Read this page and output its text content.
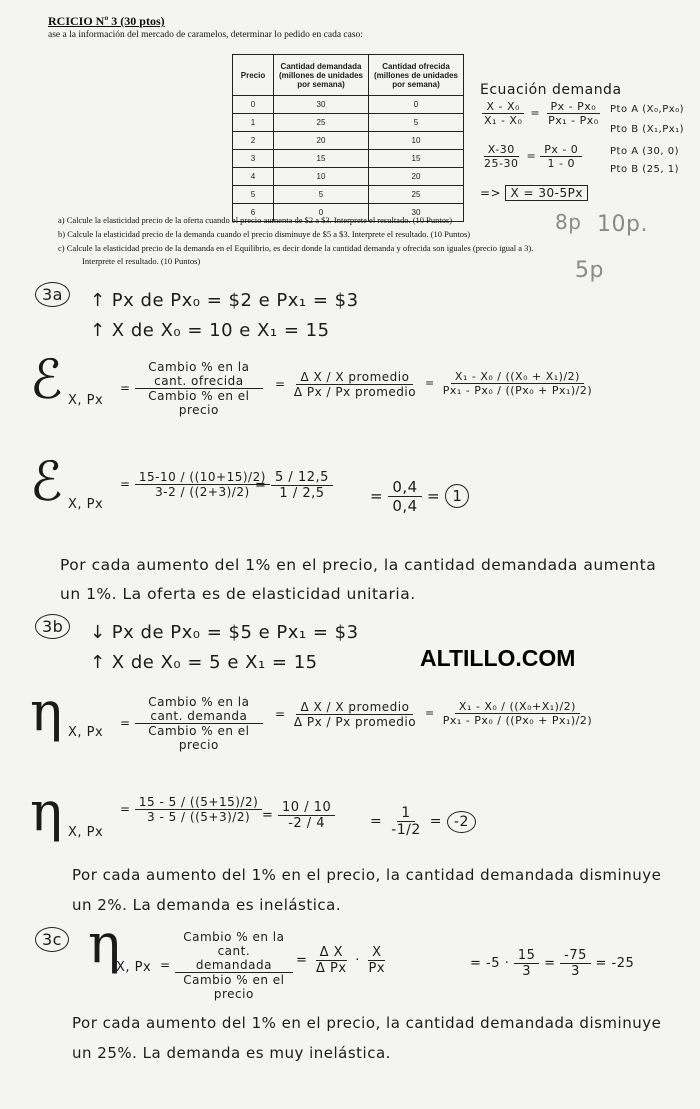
RCICIO Nº 3 (30 ptos)
ase a la información del mercado de caramelos, determinar lo pedido en cada caso:
Precio	Cantidad demandada (millones de unidades por semana)	Cantidad ofrecida (millones de unidades por semana)
0	30	0
1	25	5
2	20	10
3	15	15
4	10	20
5	5	25
6	0	30
Ecuación demanda
$\frac{\text{X - X₀}}{\text{X₁ - X₀}} = \frac{\text{Px - Px₀}}{\text{Px₁ - Px₀}}$ Pto A (X₀,Px₀)
Pto B (X₁,Px₁)
$\frac{X-30}{25-30} = \frac{Px - 0}{1 - 0}$	Pto A (30, 0)
Pto B (25, 1)
=> X = 30-5Px
a) Calcule la elasticidad precio de la oferta cuando el precio aumenta de $2 a $3. Interprete el resultado. (10 Puntos)
b) Calcule la elasticidad precio de la demanda cuando el precio disminuye de $5 a $3. Interprete el resultado. (10 Puntos)
c) Calcule la elasticidad precio de la demanda en el Equilibrio, es decir donde la cantidad demanda y ofrecida son iguales (precio igual a 3).
Interprete el resultado. (10 Puntos)
8p 10p.
5p
3a	↑ Px de Px₀ = $2 e Px₁ = $3
↑ X de X₀ = 10 e X₁ = 15
ℰ X, Px
= $\frac{\text{Cambio \% en la cant. ofrecida}}{\text{Cambio \% en el precio}} = \frac{\text{Δ X / X promedio}}{\text{Δ Px / Px promedio}} = \frac{\text{X₁ - X₀ / ((X₀ + X₁)/2)}}{\text{Px₁ - Px₀ / ((Px₀ + Px₁)/2)}}$
ℰ X, Px
= $\frac{15-10 / ((10+15)/2)}{3-2 / ((2+3)/2)}$
= $\frac{5 / 12,5}{1 / 2,5} = \frac{0,4}{0,4} = 1$
Por cada aumento del 1% en el precio, la cantidad demandada aumenta
un 1%. La oferta es de elasticidad unitaria.
3b	↓ Px de Px₀ = $5 e Px₁ = $3
↑ X de X₀ = 5 e X₁ = 15	ALTILLO.COM
η X, Px
= $\frac{\text{Cambio \% en la cant. demanda}}{\text{Cambio \% en el precio}} = \frac{\text{Δ X / X promedio}}{\text{Δ Px / Px promedio}} = \frac{\text{X₁ - X₀ / ((X₀+X₁)/2)}}{\text{Px₁ - Px₀ / ((Px₀ + Px₁)/2)}}$
η X, Px
= $\frac{15 - 5 / ((5+15)/2)}{3 - 5 / ((5+3)/2)} = \frac{10 / 10}{-2 / 4} = \frac{1}{-1/2} = -2$
Por cada aumento del 1% en el precio, la cantidad demandada disminuye
un 2%. La demanda es inelástica.
3c η
X, $Px = \frac{\text{Cambio \% en la cant. demandada}}{\text{Cambio \% en el precio}} = \frac{\text{Δ X}}{\text{Δ Px}} \cdot \frac{X}{Px}$	= $-5 \cdot \frac{15}{3} = \frac{-75}{3} = -25$
Por cada aumento del 1% en el precio, la cantidad demandada disminuye
un 25%. La demanda es muy inelástica.
